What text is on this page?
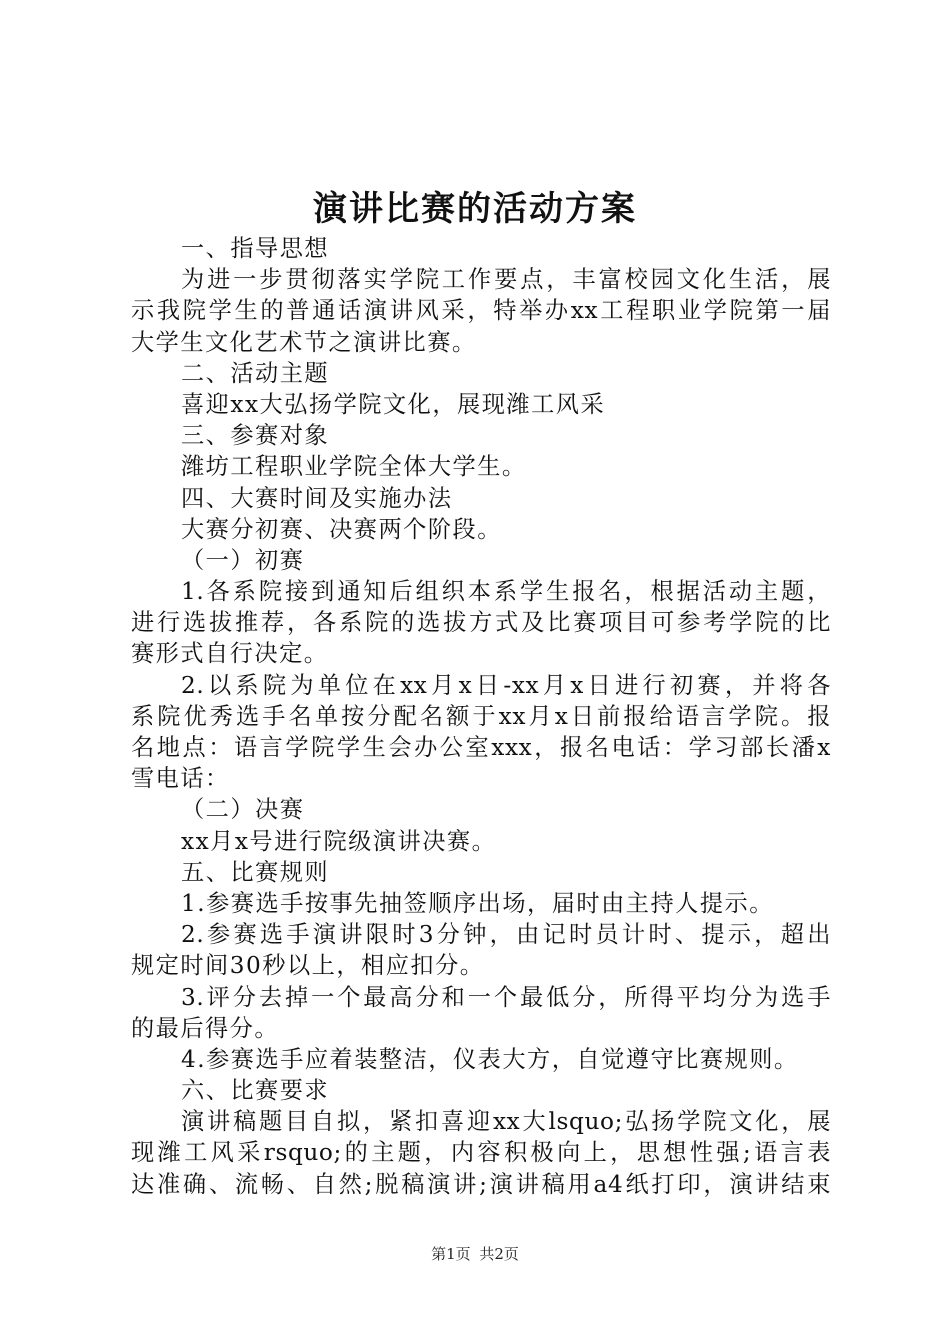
演讲比赛的活动方案
一、指导思想
为进一步贯彻落实学院工作要点，丰富校园文化生活，展
示我院学生的普通话演讲风采，特举办xx工程职业学院第一届
大学生文化艺术节之演讲比赛。
二、活动主题
喜迎xx大弘扬学院文化，展现潍工风采
三、参赛对象
潍坊工程职业学院全体大学生。
四、大赛时间及实施办法
大赛分初赛、决赛两个阶段。
（一）初赛
1.各系院接到通知后组织本系学生报名，根据活动主题，
进行选拔推荐，各系院的选拔方式及比赛项目可参考学院的比
赛形式自行决定。
2.以系院为单位在xx月x日-xx月x日进行初赛，并将各
系院优秀选手名单按分配名额于xx月x日前报给语言学院。报
名地点：语言学院学生会办公室xxx，报名电话：学习部长潘x
雪电话：
（二）决赛
xx月x号进行院级演讲决赛。
五、比赛规则
1.参赛选手按事先抽签顺序出场，届时由主持人提示。
2.参赛选手演讲限时3分钟，由记时员计时、提示，超出
规定时间30秒以上，相应扣分。
3.评分去掉一个最高分和一个最低分，所得平均分为选手
的最后得分。
4.参赛选手应着装整洁，仪表大方，自觉遵守比赛规则。
六、比赛要求
演讲稿题目自拟，紧扣喜迎xx大lsquo;弘扬学院文化，展
现潍工风采rsquo;的主题，内容积极向上，思想性强;语言表
达准确、流畅、自然;脱稿演讲;演讲稿用a4纸打印，演讲结束
第1页 共2页
